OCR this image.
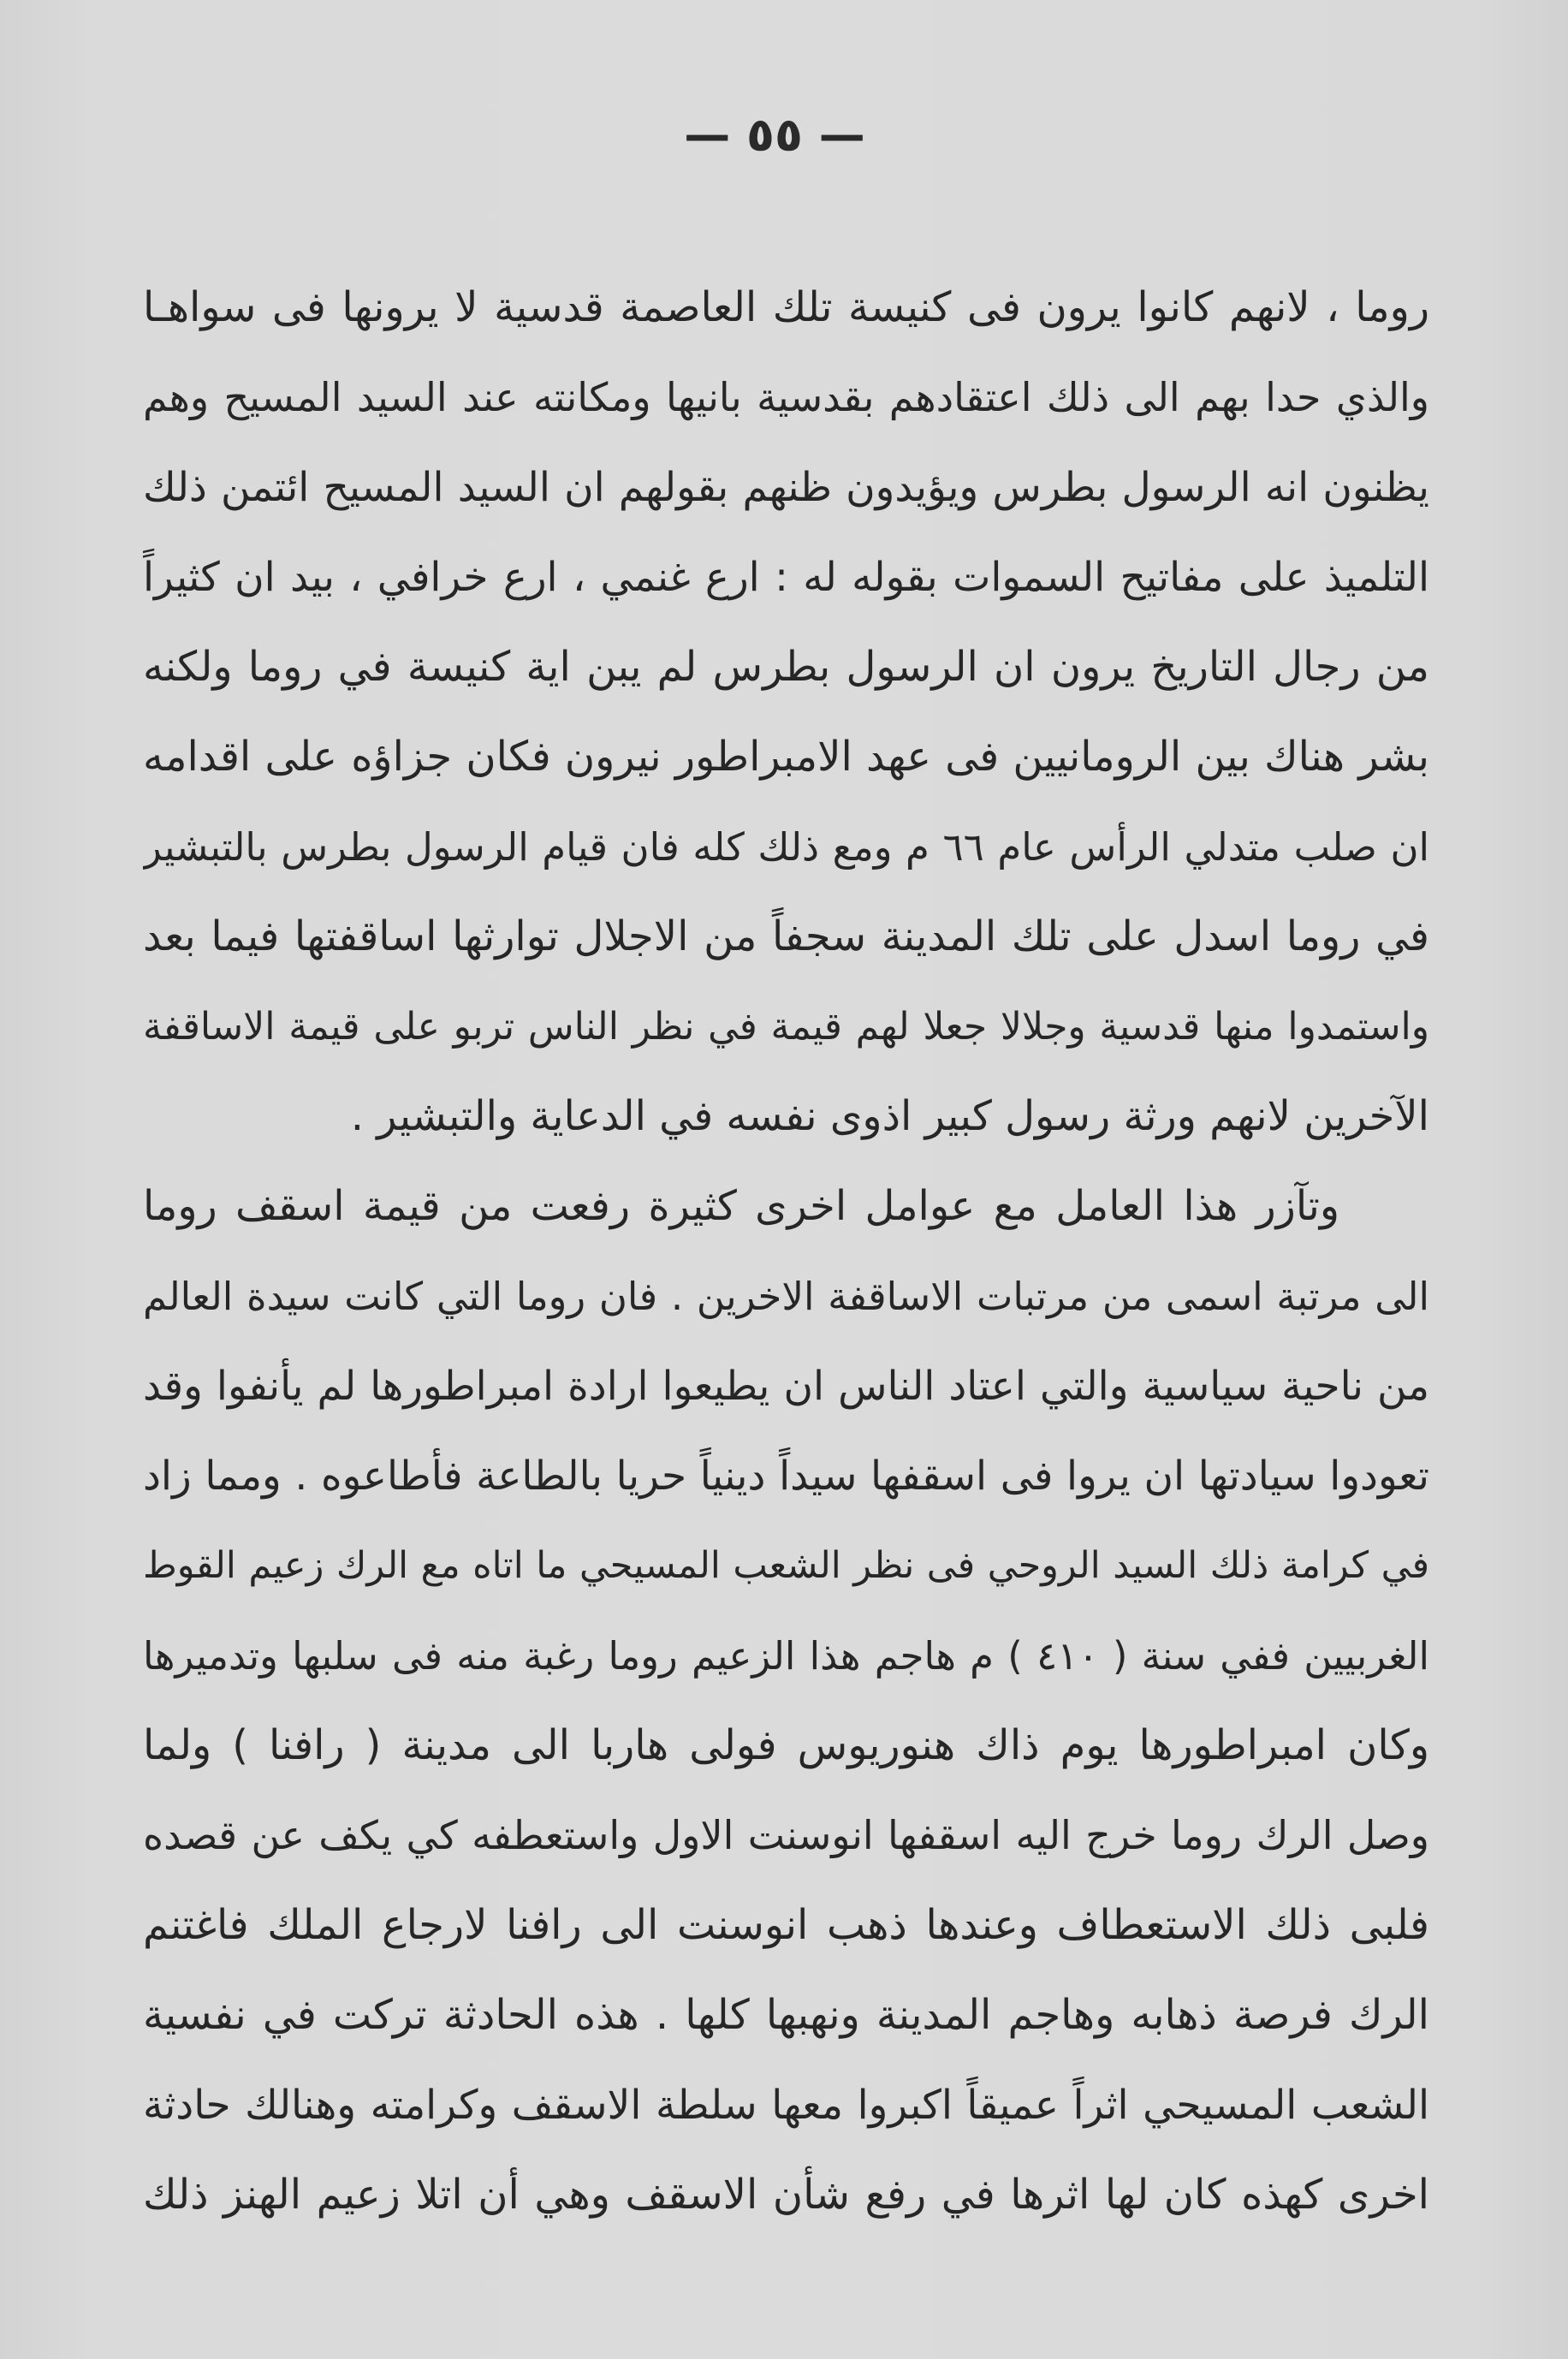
— ٥٥ —
روما ، لانهم كانوا يرون فى كنيسة تلك العاصمة قدسية لا يرونها فى سواهـا
والذي حدا بهم الى ذلك اعتقادهم بقدسية بانيها ومكانته عند السيد المسيح وهم
يظنون انه الرسول بطرس ويؤيدون ظنهم بقولهم ان السيد المسيح ائتمن ذلك
التلميذ على مفاتيح السموات بقوله له : ارع غنمي ، ارع خرافي ، بيد ان كثيراً
من رجال التاريخ يرون ان الرسول بطرس لم يبن اية كنيسة في روما ولكنه
بشر هناك بين الرومانيين فى عهد الامبراطور نيرون فكان جزاؤه على اقدامه
ان صلب متدلي الرأس عام ٦٦ م ومع ذلك كله فان قيام الرسول بطرس بالتبشير
في روما اسدل على تلك المدينة سجفاً من الاجلال توارثها اساقفتها فيما بعد
واستمدوا منها قدسية وجلالا جعلا لهم قيمة في نظر الناس تربو على قيمة الاساقفة
الآخرين لانهم ورثة رسول كبير اذوى نفسه في الدعاية والتبشير .
وتآزر هذا العامل مع عوامل اخرى كثيرة رفعت من قيمة اسقف روما
الى مرتبة اسمى من مرتبات الاساقفة الاخرين . فان روما التي كانت سيدة العالم
من ناحية سياسية والتي اعتاد الناس ان يطيعوا ارادة امبراطورها لم يأنفوا وقد
تعودوا سيادتها ان يروا فى اسقفها سيداً دينياً حريا بالطاعة فأطاعوه . ومما زاد
في كرامة ذلك السيد الروحي فى نظر الشعب المسيحي ما اتاه مع الرك زعيم القوط
الغربيين ففي سنة ( ٤١٠ ) م هاجم هذا الزعيم روما رغبة منه فى سلبها وتدميرها
وكان امبراطورها يوم ذاك هنوريوس فولى هاربا الى مدينة ( رافنا ) ولما
وصل الرك روما خرج اليه اسقفها انوسنت الاول واستعطفه كي يكف عن قصده
فلبى ذلك الاستعطاف وعندها ذهب انوسنت الى رافنا لارجاع الملك فاغتنم
الرك فرصة ذهابه وهاجم المدينة ونهبها كلها . هذه الحادثة تركت في نفسية
الشعب المسيحي اثراً عميقاً اكبروا معها سلطة الاسقف وكرامته وهنالك حادثة
اخرى كهذه كان لها اثرها في رفع شأن الاسقف وهي أن اتلا زعيم الهنز ذلك
